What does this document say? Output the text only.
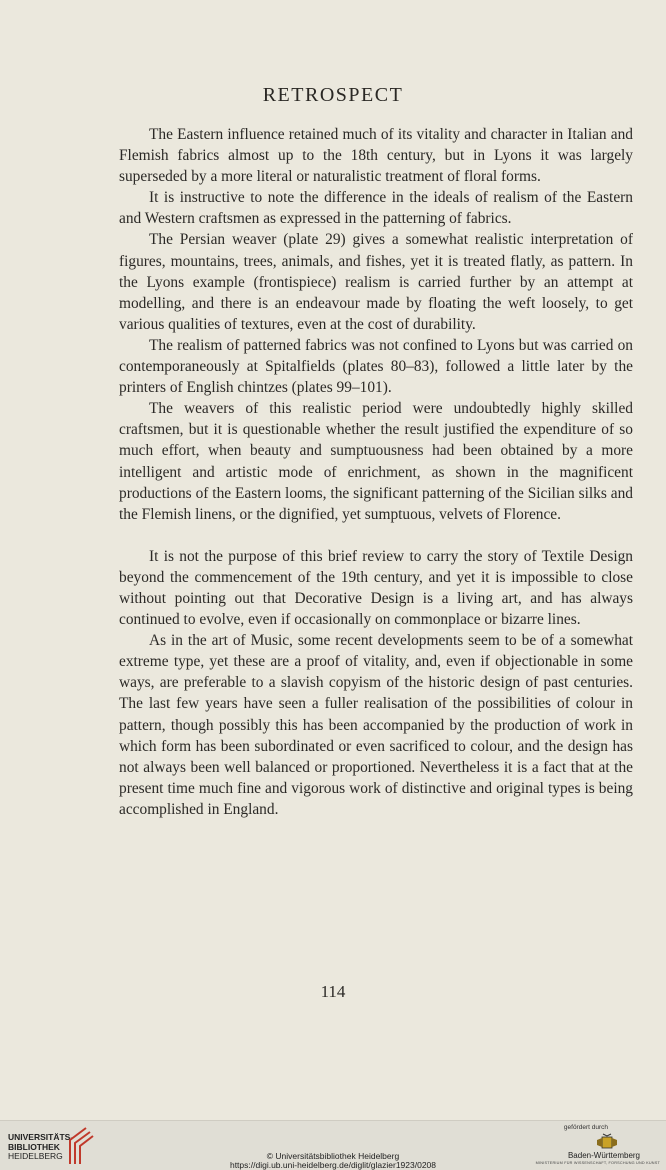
RETROSPECT

The Eastern influence retained much of its vitality and character in Italian and Flemish fabrics almost up to the 18th century, but in Lyons it was largely superseded by a more literal or naturalistic treatment of floral forms.

It is instructive to note the difference in the ideals of realism of the Eastern and Western craftsmen as expressed in the patterning of fabrics.

The Persian weaver (plate 29) gives a somewhat realistic interpretation of figures, mountains, trees, animals, and fishes, yet it is treated flatly, as pattern. In the Lyons example (frontispiece) realism is carried further by an attempt at modelling, and there is an endeavour made by floating the weft loosely, to get various qualities of textures, even at the cost of durability.

The realism of patterned fabrics was not confined to Lyons but was carried on contemporaneously at Spitalfields (plates 80–83), followed a little later by the printers of English chintzes (plates 99–101).

The weavers of this realistic period were undoubtedly highly skilled craftsmen, but it is questionable whether the result justified the expenditure of so much effort, when beauty and sumptuousness had been obtained by a more intelligent and artistic mode of enrichment, as shown in the magnificent productions of the Eastern looms, the significant patterning of the Sicilian silks and the Flemish linens, or the dignified, yet sumptuous, velvets of Florence.

It is not the purpose of this brief review to carry the story of Textile Design beyond the commencement of the 19th century, and yet it is impossible to close without pointing out that Decorative Design is a living art, and has always continued to evolve, even if occasionally on commonplace or bizarre lines.

As in the art of Music, some recent developments seem to be of a somewhat extreme type, yet these are a proof of vitality, and, even if objectionable in some ways, are preferable to a slavish copyism of the historic design of past centuries. The last few years have seen a fuller realisation of the possibilities of colour in pattern, though possibly this has been accompanied by the production of work in which form has been subordinated or even sacrificed to colour, and the design has not always been well balanced or proportioned. Nevertheless it is a fact that at the present time much fine and vigorous work of distinctive and original types is being accomplished in England.

114
UNIVERSITÄTS-
BIBLIOTHEK
HEIDELBERG	© Universitätsbibliothek Heidelberg
https://digi.ub.uni-heidelberg.de/diglit/glazier1923/0208
gefördert durch
Baden-Württemberg
MINISTERIUM FÜR WISSENSCHAFT, FORSCHUNG UND KUNST
